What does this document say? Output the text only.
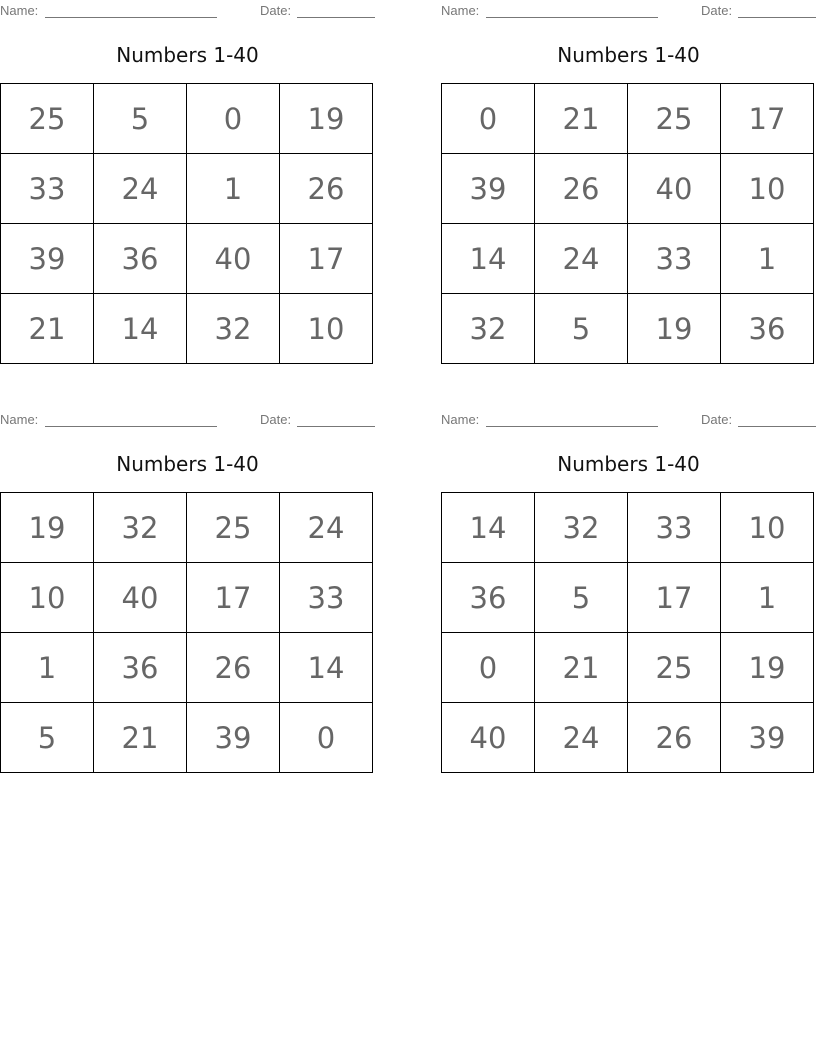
Name:	Date:
Numbers 1-40
25	5	0	19
33	24	1	26
39	36	40	17
21	14	32	10
Name:	Date:
Numbers 1-40
0	21	25	17
39	26	40	10
14	24	33	1
32	5	19	36
Name:	Date:
Numbers 1-40
19	32	25	24
10	40	17	33
1	36	26	14
5	21	39	0
Name:	Date:
Numbers 1-40
14	32	33	10
36	5	17	1
0	21	25	19
40	24	26	39
